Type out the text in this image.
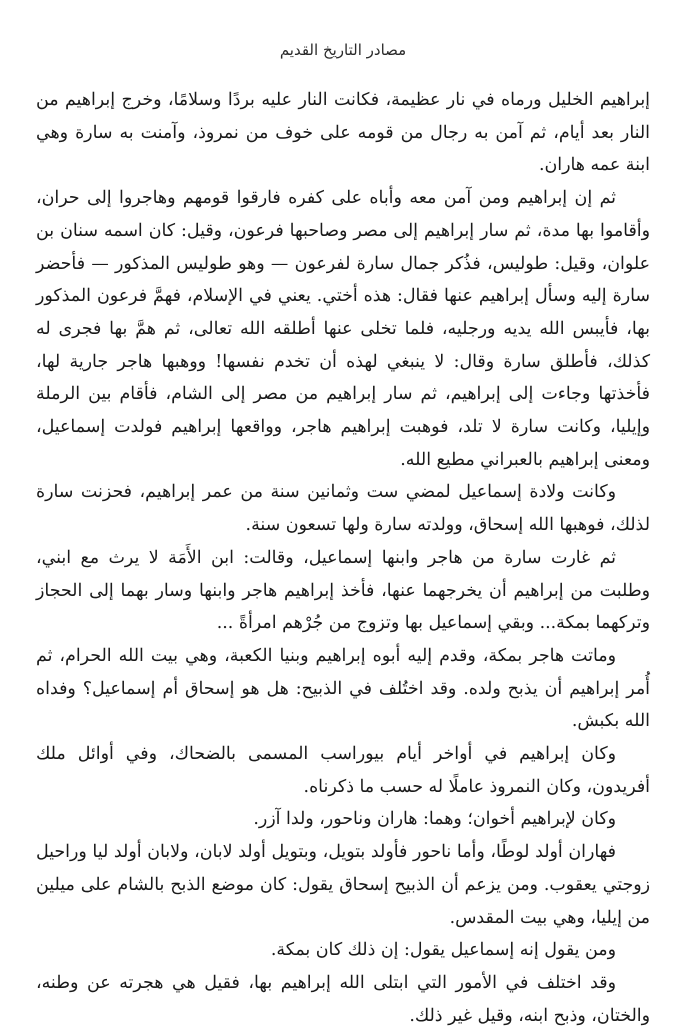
مصادر التاريخ القديم

إبراهيم الخليل ورماه في نار عظيمة، فكانت النار عليه بردًا وسلامًا، وخرج إبراهيم من النار بعد أيام، ثم آمن به رجال من قومه على خوف من نمروذ، وآمنت به سارة وهي ابنة عمه هاران.

ثم إن إبراهيم ومن آمن معه وأباه على كفره فارقوا قومهم وهاجروا إلى حران، وأقاموا بها مدة، ثم سار إبراهيم إلى مصر وصاحبها فرعون، وقيل: كان اسمه سنان بن علوان، وقيل: طوليس، فذُكر جمال سارة لفرعون — وهو طوليس المذكور — فأحضر سارة إليه وسأل إبراهيم عنها فقال: هذه أختي. يعني في الإسلام، فهمَّ فرعون المذكور بها، فأيبس الله يديه ورجليه، فلما تخلى عنها أطلقه الله تعالى، ثم همَّ بها فجرى له كذلك، فأطلق سارة وقال: لا ينبغي لهذه أن تخدم نفسها! ووهبها هاجر جارية لها، فأخذتها وجاءت إلى إبراهيم، ثم سار إبراهيم من مصر إلى الشام، فأقام بين الرملة وإيليا، وكانت سارة لا تلد، فوهبت إبراهيم هاجر، وواقعها إبراهيم فولدت إسماعيل، ومعنى إبراهيم بالعبراني مطيع الله.

وكانت ولادة إسماعيل لمضي ست وثمانين سنة من عمر إبراهيم، فحزنت سارة لذلك، فوهبها الله إسحاق، وولدته سارة ولها تسعون سنة.

ثم غارت سارة من هاجر وابنها إسماعيل، وقالت: ابن الأَمَة لا يرث مع ابني، وطلبت من إبراهيم أن يخرجهما عنها، فأخذ إبراهيم هاجر وابنها وسار بهما إلى الحجاز وتركهما بمكة... وبقي إسماعيل بها وتزوج من جُرْهم امرأةً ...

وماتت هاجر بمكة، وقدم إليه أبوه إبراهيم وبنيا الكعبة، وهي بيت الله الحرام، ثم أُمر إبراهيم أن يذبح ولده. وقد اختُلف في الذبيح: هل هو إسحاق أم إسماعيل؟ وفداه الله بكبش.

وكان إبراهيم في أواخر أيام بيوراسب المسمى بالضحاك، وفي أوائل ملك أفريدون، وكان النمروذ عاملًا له حسب ما ذكرناه.

وكان لإبراهيم أخوان؛ وهما: هاران وناحور، ولدا آزر.

فهاران أولد لوطًا، وأما ناحور فأولد بتويل، وبتويل أولد لابان، ولابان أولد ليا وراحيل زوجتي يعقوب. ومن يزعم أن الذبيح إسحاق يقول: كان موضع الذبح بالشام على ميلين من إيليا، وهي بيت المقدس.

ومن يقول إنه إسماعيل يقول: إن ذلك كان بمكة.

وقد اختلف في الأمور التي ابتلى الله إبراهيم بها، فقيل هي هجرته عن وطنه، والختان، وذبح ابنه، وقيل غير ذلك.
